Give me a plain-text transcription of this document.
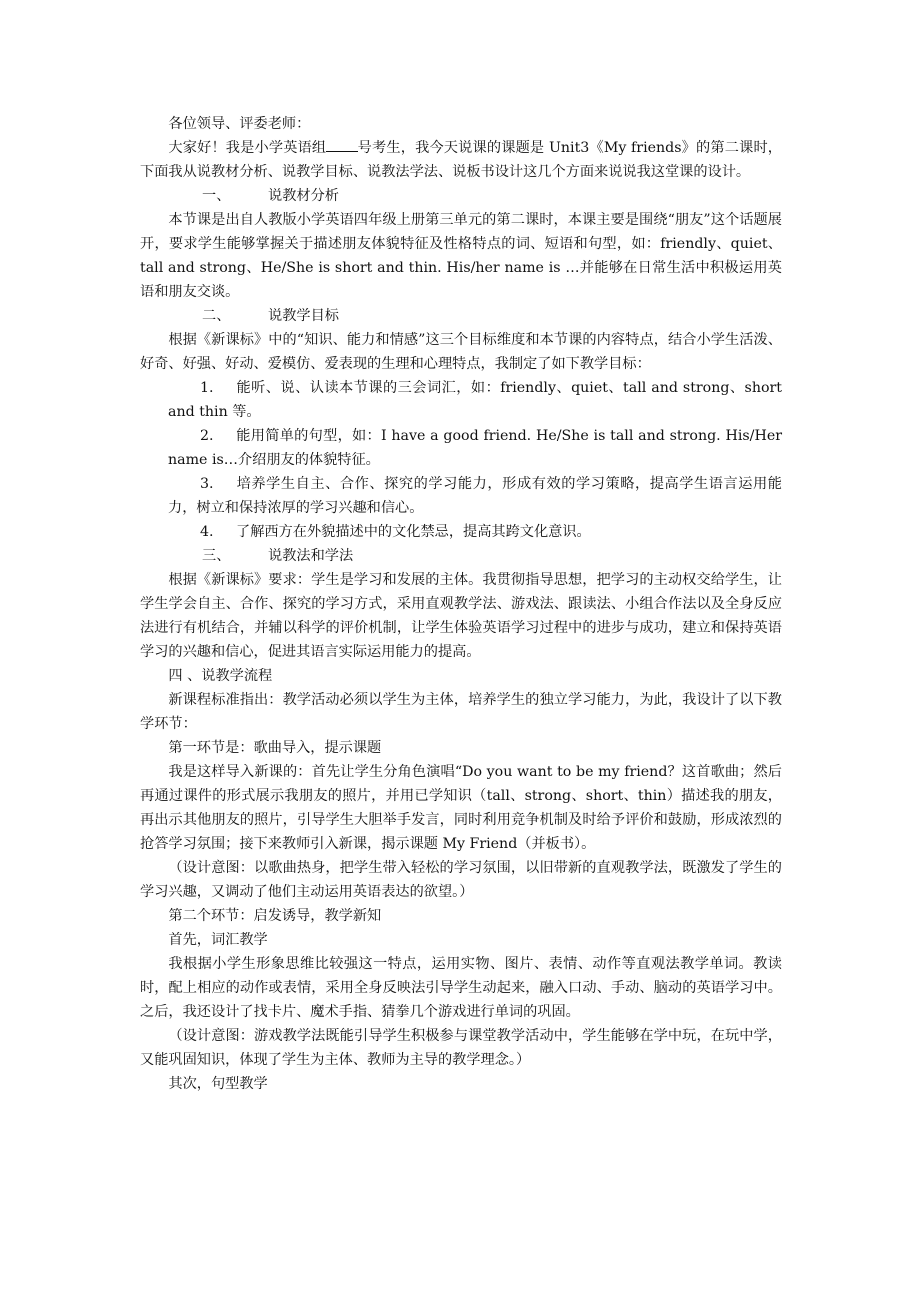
各位领导、评委老师：

大家好！我是小学英语组 号考生，我今天说课的课题是 Unit3《My friends》的第二课时，下面我从说教材分析、说教学目标、说教法学法、说板书设计这几个方面来说说我这堂课的设计。

一、	说教材分析

本节课是出自人教版小学英语四年级上册第三单元的第二课时，本课主要是围绕“朋友”这个话题展开，要求学生能够掌握关于描述朋友体貌特征及性格特点的词、短语和句型，如：friendly、quiet、tall and strong、He/She is short and thin. His/her name is …并能够在日常生活中积极运用英语和朋友交谈。

二、	说教学目标

根据《新课标》中的“知识、能力和情感”这三个目标维度和本节课的内容特点，结合小学生活泼、好奇、好强、好动、爱模仿、爱表现的生理和心理特点，我制定了如下教学目标：

1. 能听、说、认读本节课的三会词汇，如：friendly、quiet、tall and strong、short and thin 等。

2. 能用简单的句型，如：I have a good friend. He/She is tall and strong. His/Her name is…介绍朋友的体貌特征。

3. 培养学生自主、合作、探究的学习能力，形成有效的学习策略，提高学生语言运用能力，树立和保持浓厚的学习兴趣和信心。

4. 了解西方在外貌描述中的文化禁忌，提高其跨文化意识。

三、	说教法和学法

根据《新课标》要求：学生是学习和发展的主体。我贯彻指导思想，把学习的主动权交给学生，让学生学会自主、合作、探究的学习方式，采用直观教学法、游戏法、跟读法、小组合作法以及全身反应法进行有机结合，并辅以科学的评价机制，让学生体验英语学习过程中的进步与成功，建立和保持英语学习的兴趣和信心，促进其语言实际运用能力的提高。

四 、说教学流程

新课程标准指出：教学活动必须以学生为主体，培养学生的独立学习能力，为此，我设计了以下教学环节：

第一环节是：歌曲导入，提示课题

我是这样导入新课的：首先让学生分角色演唱“Do you want to be my friend？这首歌曲；然后再通过课件的形式展示我朋友的照片，并用已学知识（tall、strong、short、thin）描述我的朋友，再出示其他朋友的照片，引导学生大胆举手发言，同时利用竞争机制及时给予评价和鼓励，形成浓烈的抢答学习氛围；接下来教师引入新课，揭示课题 My Friend（并板书）。

（设计意图：以歌曲热身，把学生带入轻松的学习氛围，以旧带新的直观教学法，既激发了学生的学习兴趣，又调动了他们主动运用英语表达的欲望。）

第二个环节：启发诱导，教学新知

首先，词汇教学

我根据小学生形象思维比较强这一特点，运用实物、图片、表情、动作等直观法教学单词。教读时，配上相应的动作或表情，采用全身反映法引导学生动起来，融入口动、手动、脑动的英语学习中。之后，我还设计了找卡片、魔术手指、猜拳几个游戏进行单词的巩固。

（设计意图：游戏教学法既能引导学生积极参与课堂教学活动中，学生能够在学中玩，在玩中学，又能巩固知识，体现了学生为主体、教师为主导的教学理念。）

其次，句型教学
